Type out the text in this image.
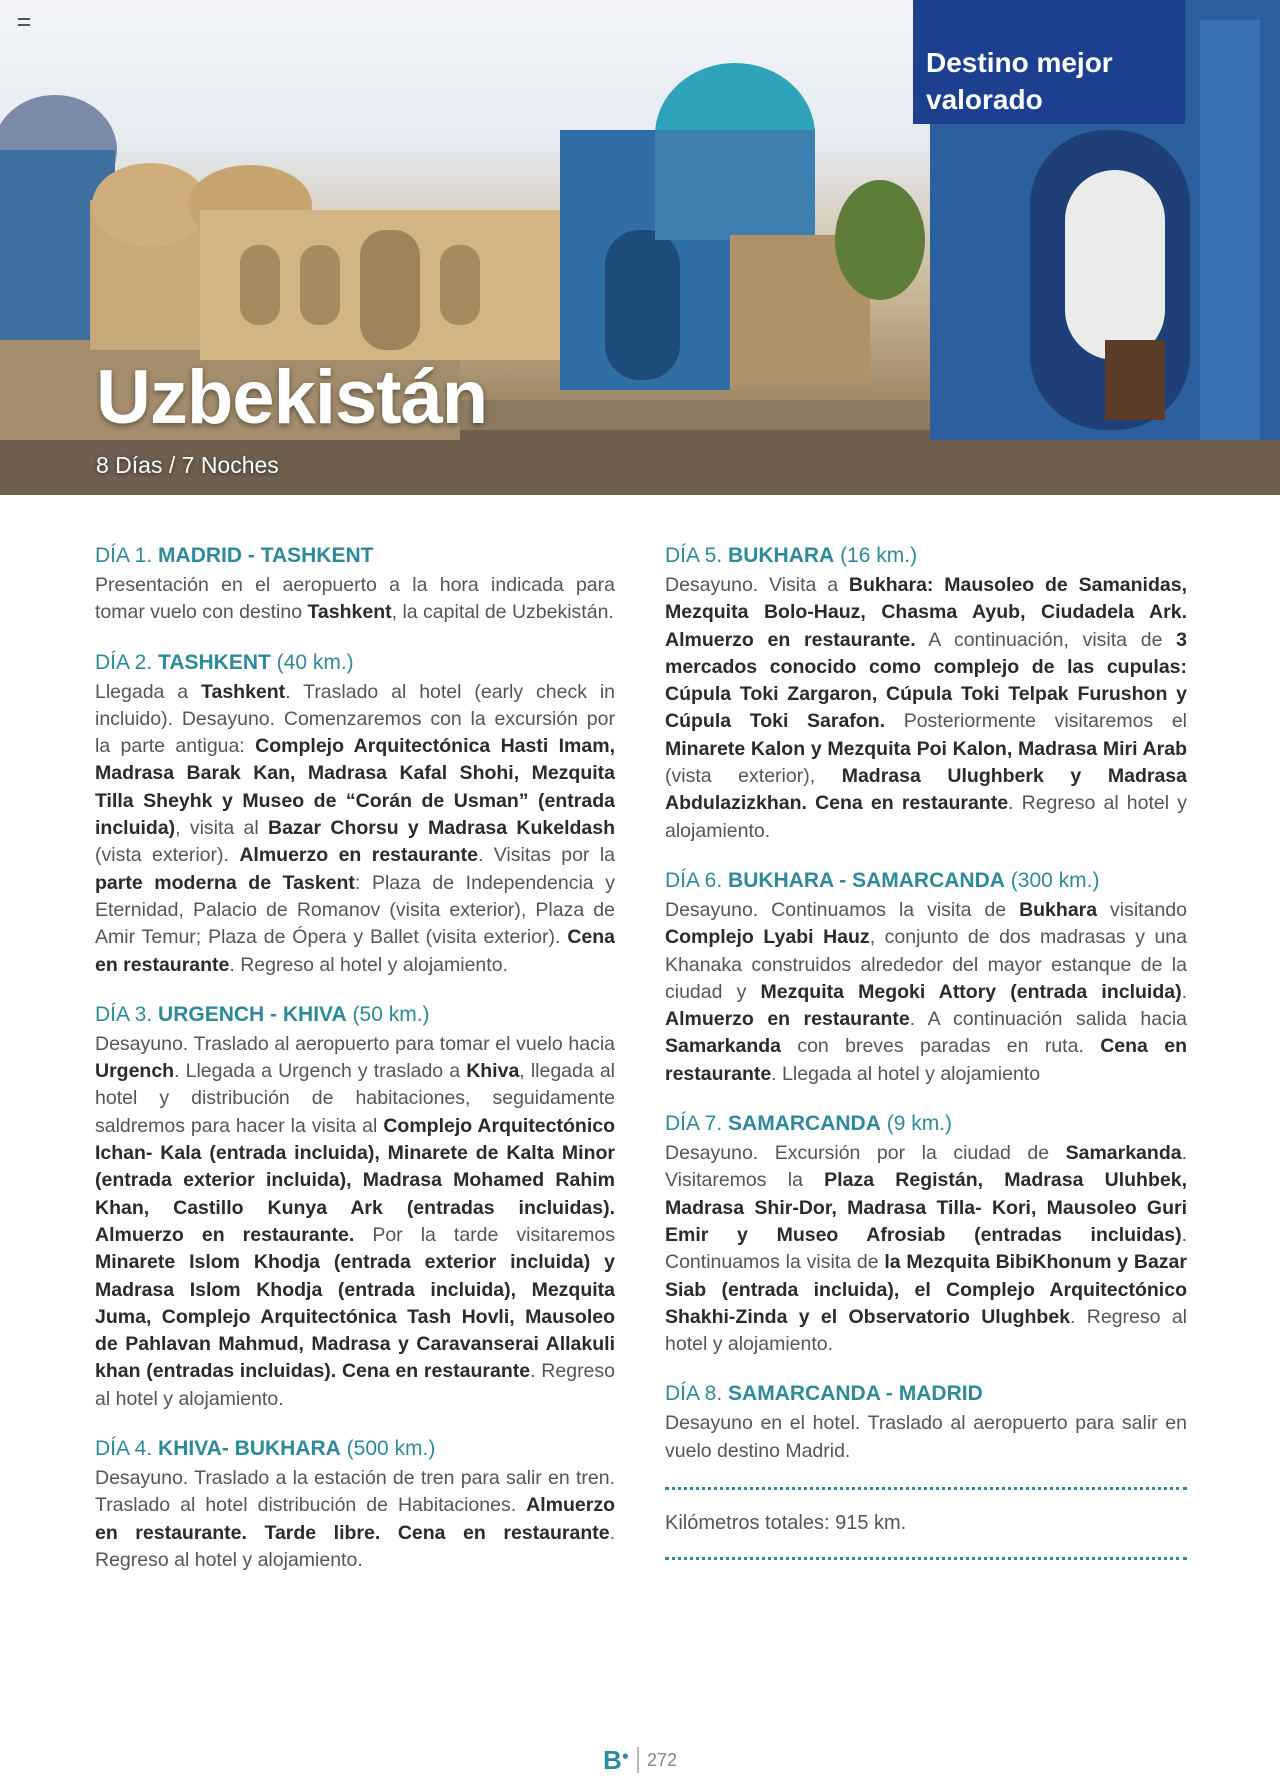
Destino mejor
valorado
Uzbekistán
8 Días / 7 Noches
DÍA 1. MADRID - TASHKENT
Presentación en el aeropuerto a la hora indicada para tomar vuelo con destino Tashkent, la capital de Uzbekistán.
DÍA 2. TASHKENT (40 km.)
Llegada a Tashkent. Traslado al hotel (early check in incluido). Desayuno. Comenzaremos con la excursión por la parte antigua: Complejo Arquitectónica Hasti Imam, Madrasa Barak Kan, Madrasa Kafal Shohi, Mezquita Tilla Sheyhk y Museo de “Corán de Usman” (entrada incluida), visita al Bazar Chorsu y Madrasa Kukeldash (vista exterior). Almuerzo en restaurante. Visitas por la parte moderna de Taskent: Plaza de Independencia y Eternidad, Palacio de Romanov (visita exterior), Plaza de Amir Temur; Plaza de Ópera y Ballet (visita exterior). Cena en restaurante. Regreso al hotel y alojamiento.
DÍA 3. URGENCH - KHIVA (50 km.)
Desayuno. Traslado al aeropuerto para tomar el vuelo hacia Urgench. Llegada a Urgench y traslado a Khiva, llegada al hotel y distribución de habitaciones, seguidamente saldremos para hacer la visita al Complejo Arquitectónico Ichan- Kala (entrada incluida), Minarete de Kalta Minor (entrada exterior incluida), Madrasa Mohamed Rahim Khan, Castillo Kunya Ark (entradas incluidas). Almuerzo en restaurante. Por la tarde visitaremos Minarete Islom Khodja (entrada exterior incluida) y Madrasa Islom Khodja (entrada incluida), Mezquita Juma, Complejo Arquitectónica Tash Hovli, Mausoleo de Pahlavan Mahmud, Madrasa y Caravanserai Allakuli khan (entradas incluidas). Cena en restaurante. Regreso al hotel y alojamiento.
DÍA 4. KHIVA- BUKHARA (500 km.)
Desayuno. Traslado a la estación de tren para salir en tren. Traslado al hotel distribución de Habitaciones. Almuerzo en restaurante. Tarde libre. Cena en restaurante. Regreso al hotel y alojamiento.
DÍA 5. BUKHARA (16 km.)
Desayuno. Visita a Bukhara: Mausoleo de Samanidas, Mezquita Bolo-Hauz, Chasma Ayub, Ciudadela Ark. Almuerzo en restaurante. A continuación, visita de 3 mercados conocido como complejo de las cupulas: Cúpula Toki Zargaron, Cúpula Toki Telpak Furushon y Cúpula Toki Sarafon. Posteriormente visitaremos el Minarete Kalon y Mezquita Poi Kalon, Madrasa Miri Arab (vista exterior), Madrasa Ulughberk y Madrasa Abdulazizkhan. Cena en restaurante. Regreso al hotel y alojamiento.
DÍA 6. BUKHARA - SAMARCANDA (300 km.)
Desayuno. Continuamos la visita de Bukhara visitando Complejo Lyabi Hauz, conjunto de dos madrasas y una Khanaka construidos alrededor del mayor estanque de la ciudad y Mezquita Megoki Attory (entrada incluida). Almuerzo en restaurante. A continuación salida hacia Samarkanda con breves paradas en ruta. Cena en restaurante. Llegada al hotel y alojamiento
DÍA 7. SAMARCANDA (9 km.)
Desayuno. Excursión por la ciudad de Samarkanda. Visitaremos la Plaza Registán, Madrasa Uluhbek, Madrasa Shir-Dor, Madrasa Tilla- Kori, Mausoleo Guri Emir y Museo Afrosiab (entradas incluidas). Continuamos la visita de la Mezquita BibiKhonum y Bazar Siab (entrada incluida), el Complejo Arquitectónico Shakhi-Zinda y el Observatorio Ulughbek. Regreso al hotel y alojamiento.
DÍA 8. SAMARCANDA - MADRID
Desayuno en el hotel. Traslado al aeropuerto para salir en vuelo destino Madrid.
Kilómetros totales: 915 km.
B● 272
